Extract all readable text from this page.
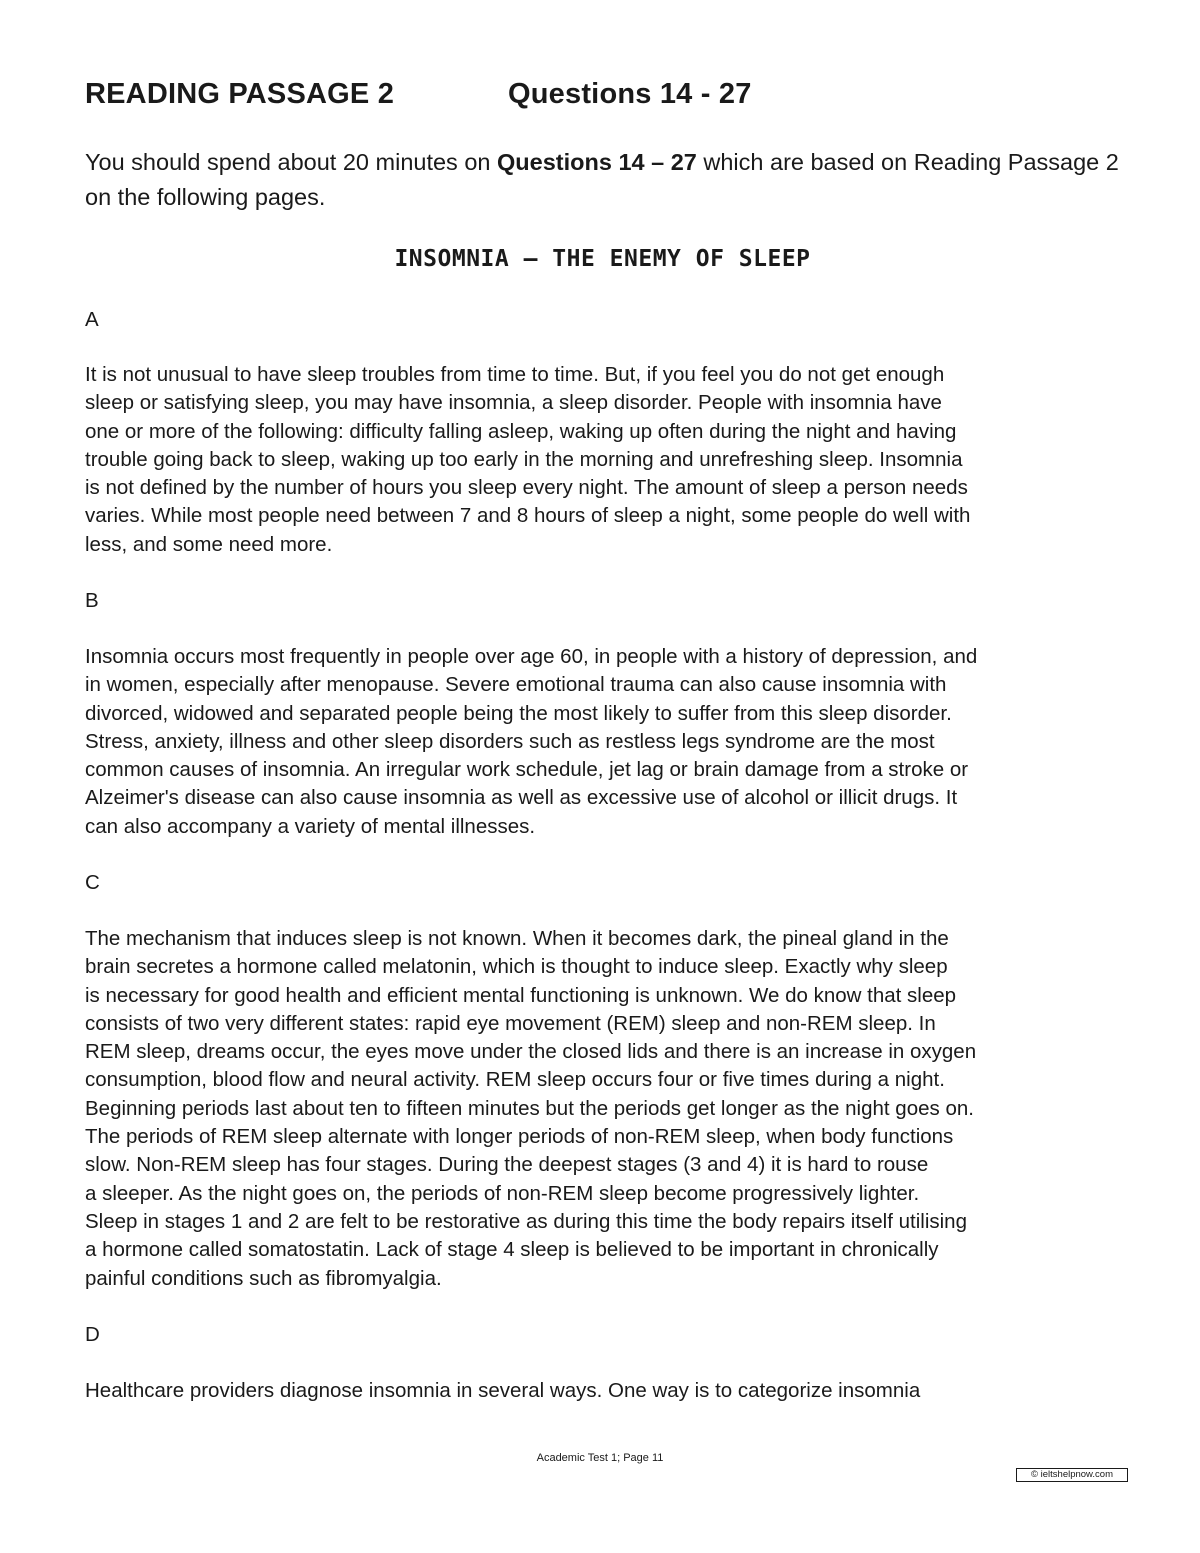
READING PASSAGE 2	Questions 14 - 27
You should spend about 20 minutes on Questions 14 – 27 which are based on Reading Passage 2 on the following pages.
INSOMNIA – THE ENEMY OF SLEEP
A
It is not unusual to have sleep troubles from time to time. But, if you feel you do not get enough
sleep or satisfying sleep, you may have insomnia, a sleep disorder. People with insomnia have
one or more of the following: difficulty falling asleep, waking up often during the night and having
trouble going back to sleep, waking up too early in the morning and unrefreshing sleep. Insomnia
is not defined by the number of hours you sleep every night. The amount of sleep a person needs
varies. While most people need between 7 and 8 hours of sleep a night, some people do well with
less, and some need more.
B
Insomnia occurs most frequently in people over age 60, in people with a history of depression, and
in women, especially after menopause. Severe emotional trauma can also cause insomnia with
divorced, widowed and separated people being the most likely to suffer from this sleep disorder.
Stress, anxiety, illness and other sleep disorders such as restless legs syndrome are the most
common causes of insomnia. An irregular work schedule, jet lag or brain damage from a stroke or
Alzeimer's disease can also cause insomnia as well as excessive use of alcohol or illicit drugs. It
can also accompany a variety of mental illnesses.
C
The mechanism that induces sleep is not known. When it becomes dark, the pineal gland in the
brain secretes a hormone called melatonin, which is thought to induce sleep. Exactly why sleep
is necessary for good health and efficient mental functioning is unknown. We do know that sleep
consists of two very different states: rapid eye movement (REM) sleep and non-REM sleep. In
REM sleep, dreams occur, the eyes move under the closed lids and there is an increase in oxygen
consumption, blood flow and neural activity. REM sleep occurs four or five times during a night.
Beginning periods last about ten to fifteen minutes but the periods get longer as the night goes on.
The periods of REM sleep alternate with longer periods of non-REM sleep, when body functions
slow. Non-REM sleep has four stages. During the deepest stages (3 and 4) it is hard to rouse
a sleeper. As the night goes on, the periods of non-REM sleep become progressively lighter.
Sleep in stages 1 and 2 are felt to be restorative as during this time the body repairs itself utilising
a hormone called somatostatin. Lack of stage 4 sleep is believed to be important in chronically
painful conditions such as fibromyalgia.
D
Healthcare providers diagnose insomnia in several ways. One way is to categorize insomnia
Academic Test 1; Page 11
© ieltshelpnow.com
